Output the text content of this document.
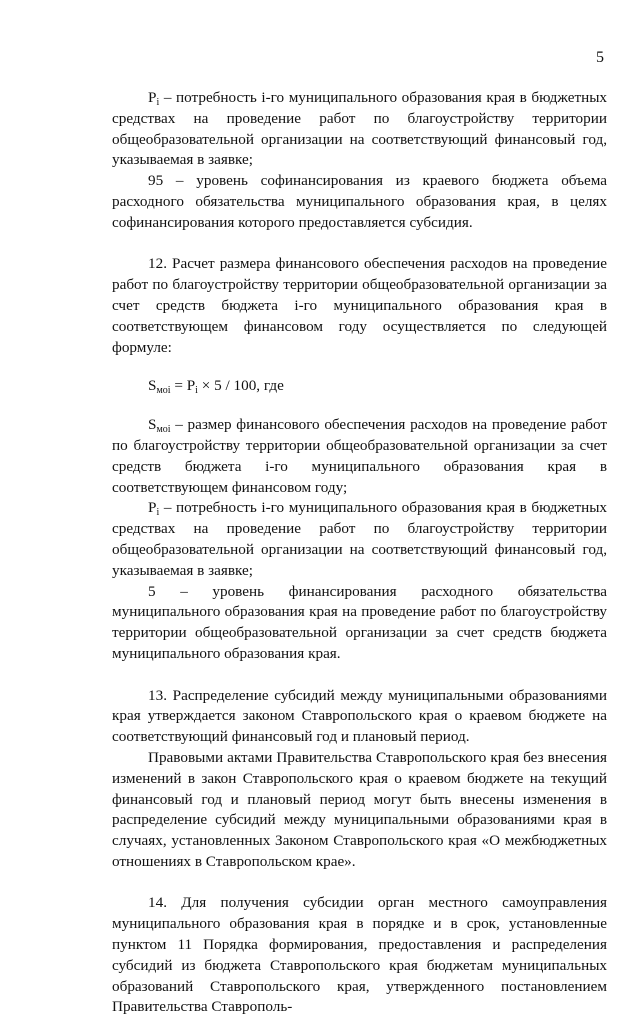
5

$P_i$ – потребность i-го муниципального образования края в бюджетных средствах на проведение работ по благоустройству территории общеобразовательной организации на соответствующий финансовый год, указываемая в заявке;

95 – уровень софинансирования из краевого бюджета объема расходного обязательства муниципального образования края, в целях софинансирования которого предоставляется субсидия.

12. Расчет размера финансового обеспечения расходов на проведение работ по благоустройству территории общеобразовательной организации за счет средств бюджета i-го муниципального образования края в соответствующем финансовом году осуществляется по следующей формуле:

$S_{моi} = P_i \times 5 / 100$, где

$S_{моi}$ – размер финансового обеспечения расходов на проведение работ по благоустройству территории общеобразовательной организации за счет средств бюджета i-го муниципального образования края в соответствующем финансовом году;

$P_i$ – потребность i-го муниципального образования края в бюджетных средствах на проведение работ по благоустройству территории общеобразовательной организации на соответствующий финансовый год, указываемая в заявке;

5 – уровень финансирования расходного обязательства муниципального образования края на проведение работ по благоустройству территории общеобразовательной организации за счет средств бюджета муниципального образования края.

13. Распределение субсидий между муниципальными образованиями края утверждается законом Ставропольского края о краевом бюджете на соответствующий финансовый год и плановый период.

Правовыми актами Правительства Ставропольского края без внесения изменений в закон Ставропольского края о краевом бюджете на текущий финансовый год и плановый период могут быть внесены изменения в распределение субсидий между муниципальными образованиями края в случаях, установленных Законом Ставропольского края «О межбюджетных отношениях в Ставропольском крае».

14. Для получения субсидии орган местного самоуправления муниципального образования края в порядке и в срок, установленные пунктом 11 Порядка формирования, предоставления и распределения субсидий из бюджета Ставропольского края бюджетам муниципальных образований Ставропольского края, утвержденного постановлением Правительства Ставрополь-
